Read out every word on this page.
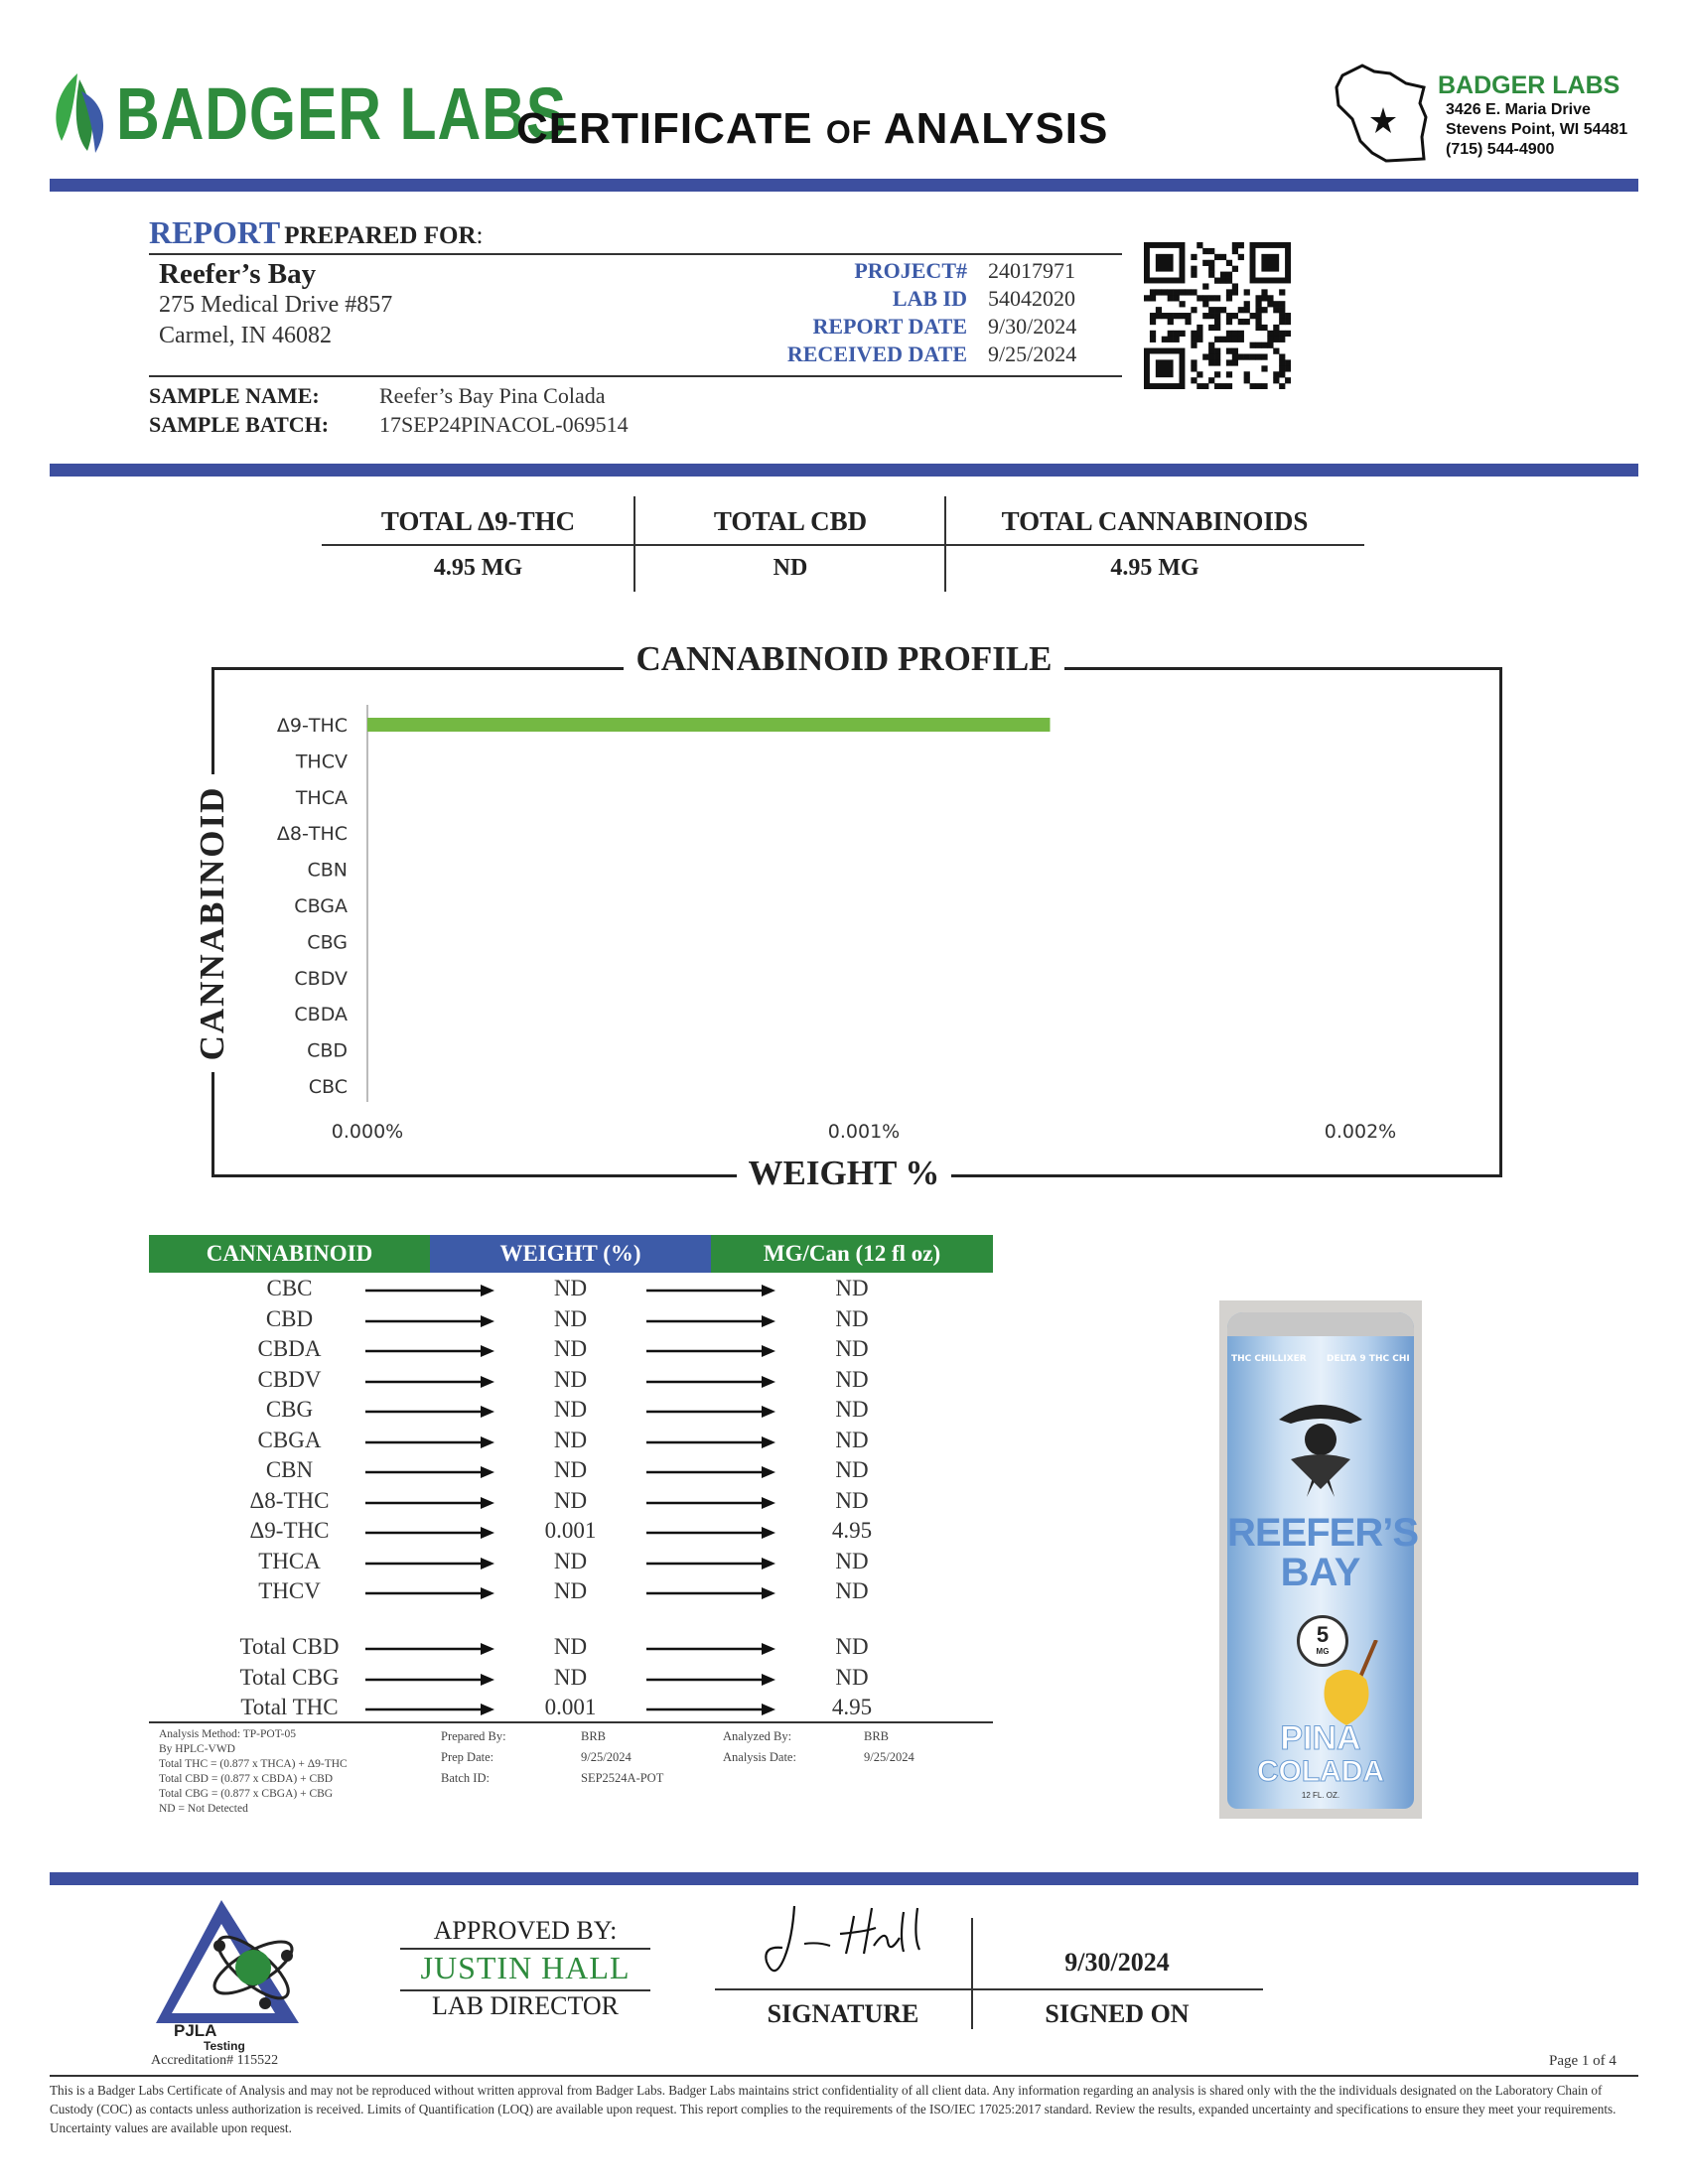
BADGER LABS
CERTIFICATE OF ANALYSIS
BADGER LABS
3426 E. Maria Drive
Stevens Point, WI 54481
(715) 544-4900
REPORT PREPARED FOR:
Reefer’s Bay
275 Medical Drive #857
Carmel, IN 46082
PROJECT# 24017971
LAB ID 54042020
REPORT DATE 9/30/2024
RECEIVED DATE 9/25/2024
SAMPLE NAME:	Reefer’s Bay Pina Colada
SAMPLE BATCH: 17SEP24PINACOL-069514
TOTAL Δ9-THC	TOTAL CBD	TOTAL CANNABINOIDS
4.95 MG	ND	4.95 MG
CANNABINOID PROFILE
WEIGHT %
CANNABINOID
Δ9-THC
THCV
THCA
Δ8-THC
CBN
CBGA
CBG
CBDV
CBDA
CBD
CBC
0.000%	0.001%	0.002%
CANNABINOID	WEIGHT (%)	MG/Can (12 fl oz)
CBC	ND	ND
CBD	ND	ND
CBDA	ND	ND
CBDV	ND	ND
CBG	ND	ND
CBGA	ND	ND
CBN	ND	ND
Δ8-THC	ND	ND
Δ9-THC	0.001	4.95
THCA	ND	ND
THCV	ND	ND
Total CBD	ND	ND
Total CBG	ND	ND
Total THC	0.001	4.95
Analysis Method: TP-POT-05
By HPLC-VWD
Total THC = (0.877 x THCA) + Δ9-THC
Total CBD = (0.877 x CBDA) + CBD
Total CBG = (0.877 x CBGA) + CBG
ND = Not Detected
Prepared By:	BRB
Prep Date:	9/25/2024
Batch ID:	SEP2524A-POT
Analyzed By:	BRB
Analysis Date:	9/25/2024
THC CHILLIXER DELTA 9 THC CHI
REEFER’S
BAY
5
MG
PINA
COLADA
12 FL. OZ.
PJLA
Testing
Accreditation# 115522
APPROVED BY:
JUSTIN HALL
LAB DIRECTOR
9/30/2024
SIGNATURE	SIGNED ON
Page 1 of 4
This is a Badger Labs Certificate of Analysis and may not be reproduced without written approval from Badger Labs. Badger Labs maintains strict confidentiality of all client data. Any information regarding an analysis is shared only with the the individuals designated on the Laboratory Chain of Custody (COC) as contacts unless authorization is received. Limits of Quantification (LOQ) are available upon request. This report complies to the requirements of the ISO/IEC 17025:2017 standard. Review the results, expanded uncertainty and specifications to ensure they meet your requirements. Uncertainty values are available upon request.
